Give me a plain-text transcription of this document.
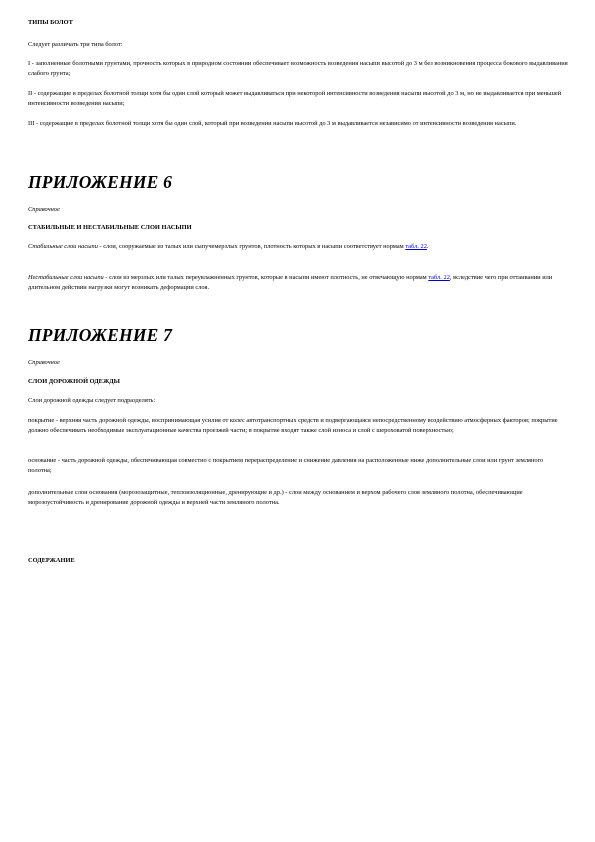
ТИПЫ БОЛОТ

Следует различать три типа болот:

I - заполненные болотными грунтами, прочность которых в природном состоянии обеспечивает возможность возведения насыпи высотой до 3 м без возникновения процесса бокового выдавливания слабого грунта;

II - содержащие в пределах болотной толщи хотя бы один слой который может выдавливаться при некоторой интенсивности возведения насыпи высотой до 3 м, но не выдавливается при меньшей интенсивности возведения насыпи;

III - содержащие в пределах болотной толщи хотя бы один слой, который при возведении насыпи высотой до 3 м выдавливается независимо от интенсивности возведения насыпи.

ПРИЛОЖЕНИЕ 6

Справочное

СТАБИЛЬНЫЕ И НЕСТАБИЛЬНЫЕ СЛОИ НАСЫПИ

Стабильные слои насыпи - слои, сооружаемые из талых или сыпучемерзлых грунтов, плотность которых в насыпи соответствует нормам табл. 22.

Нестабильные слои насыпи - слои из мерзлых или талых переувлажненных грунтов, которые в насыпи имеют плотность, не отвечающую нормам табл. 22, вследствие чего при оттаивании или длительном действии нагрузки могут возникать деформации слоя.

ПРИЛОЖЕНИЕ 7

Справочное

СЛОИ ДОРОЖНОЙ ОДЕЖДЫ

Слои дорожной одежды следует подразделять:

покрытие - верхняя часть дорожной одежды, воспринимающая усилия от колес автотранспортных средств и подвергающаяся непосредственному воздействию атмосферных факторов; покрытие должно обеспечивать необходимые эксплуатационные качества проезжей части; в покрытие входят также слой износа и слой с шероховатой поверхностью;

основание - часть дорожной одежды, обеспечивающая совместно с покрытием перераспределение и снижение давления на расположенные ниже дополнительные слои или грунт земляного полотна;

дополнительные слои основания (морозозащитные, теплоизоляционные, дренирующие и др.) - слои между основанием и верхом рабочего слоя земляного полотна, обеспечивающие морозоустойчивость и дренирование дорожной одежды и верхней части земляного полотна.

СОДЕРЖАНИЕ
